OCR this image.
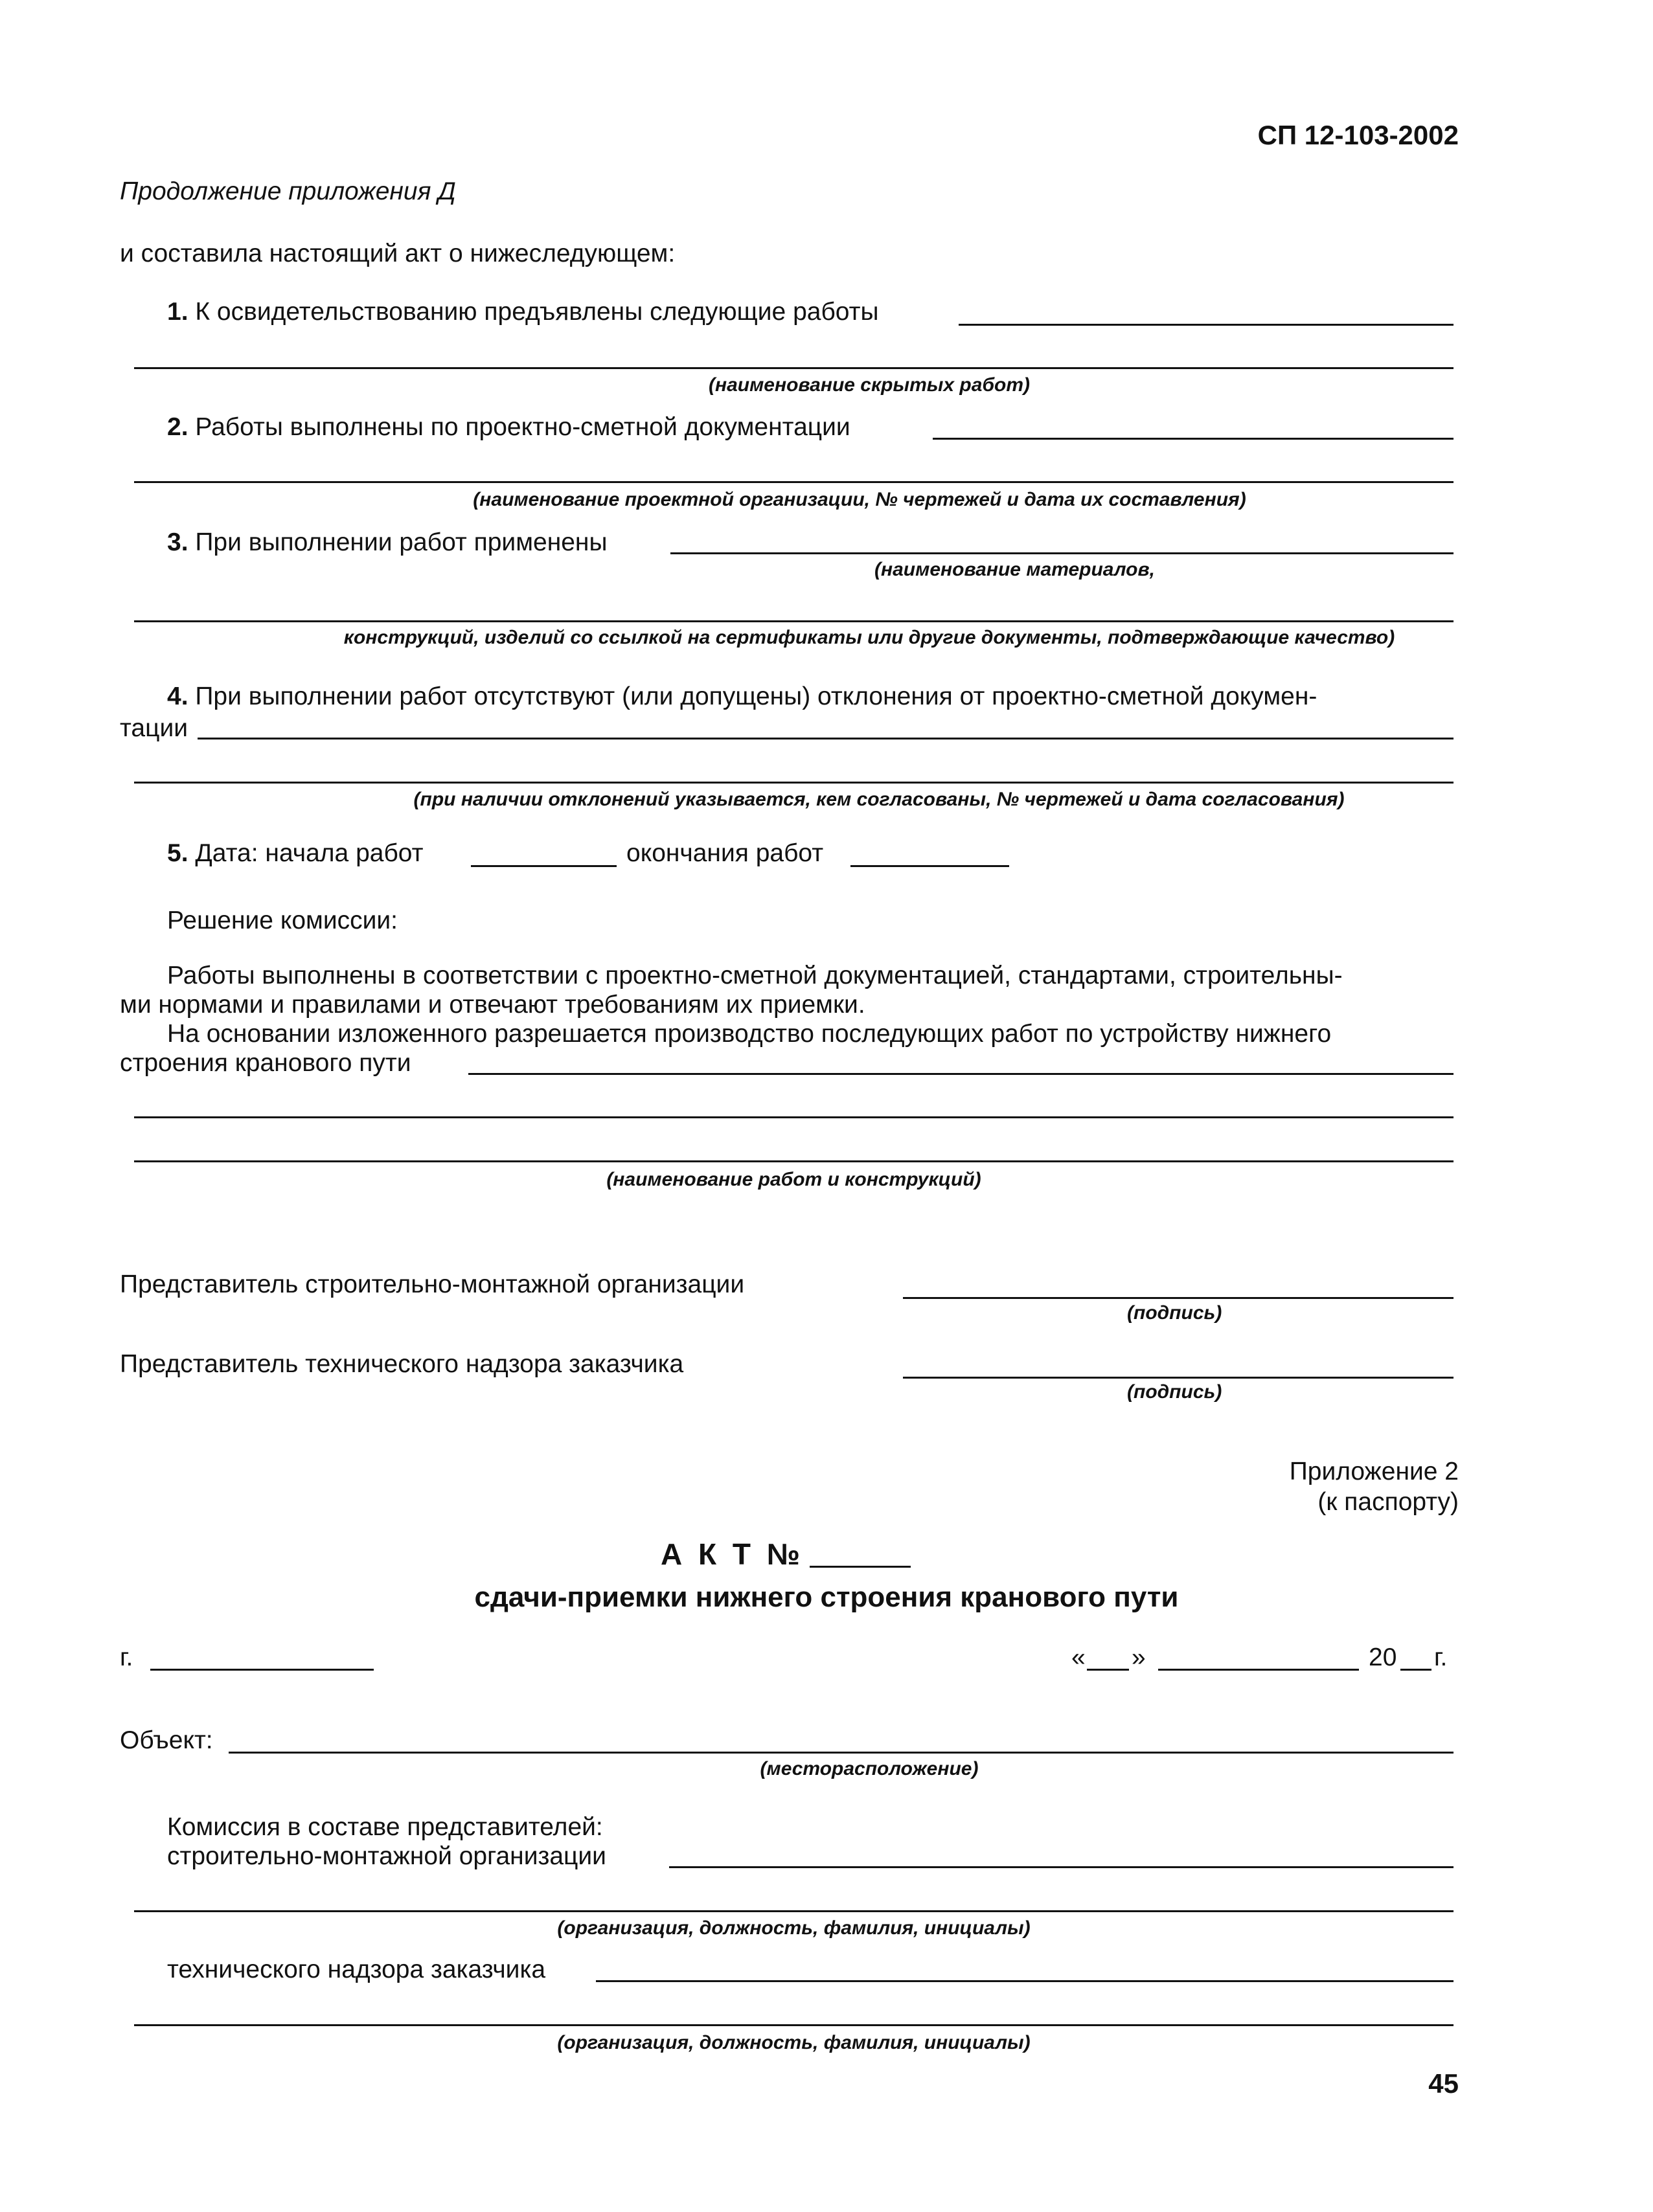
СП 12-103-2002
Продолжение приложения Д
и составила настоящий акт о нижеследующем:
1. К освидетельствованию предъявлены следующие работы
(наименование скрытых работ)
2. Работы выполнены по проектно-сметной документации
(наименование проектной организации, № чертежей и дата их составления)
3. При выполнении работ применены
(наименование материалов,
конструкций, изделий со ссылкой на сертификаты или другие документы, подтверждающие качество)
4. При выполнении работ отсутствуют (или допущены) отклонения от проектно-сметной докумен-
тации
(при наличии отклонений указывается, кем согласованы, № чертежей и дата согласования)
5. Дата: начала работ	окончания работ
Решение комиссии:
Работы выполнены в соответствии с проектно-сметной документацией, стандартами, строительны-
ми нормами и правилами и отвечают требованиям их приемки.
На основании изложенного разрешается производство последующих работ по устройству нижнего
строения кранового пути
(наименование работ и конструкций)
Представитель строительно-монтажной организации
(подпись)
Представитель технического надзора заказчика
(подпись)
Приложение 2
(к паспорту)
А К Т №
сдачи-приемки нижнего строения кранового пути
г.	« »	20 г.
Объект:
(месторасположение)
Комиссия в составе представителей:
строительно-монтажной организации
(организация, должность, фамилия, инициалы)
технического надзора заказчика
(организация, должность, фамилия, инициалы)
45
